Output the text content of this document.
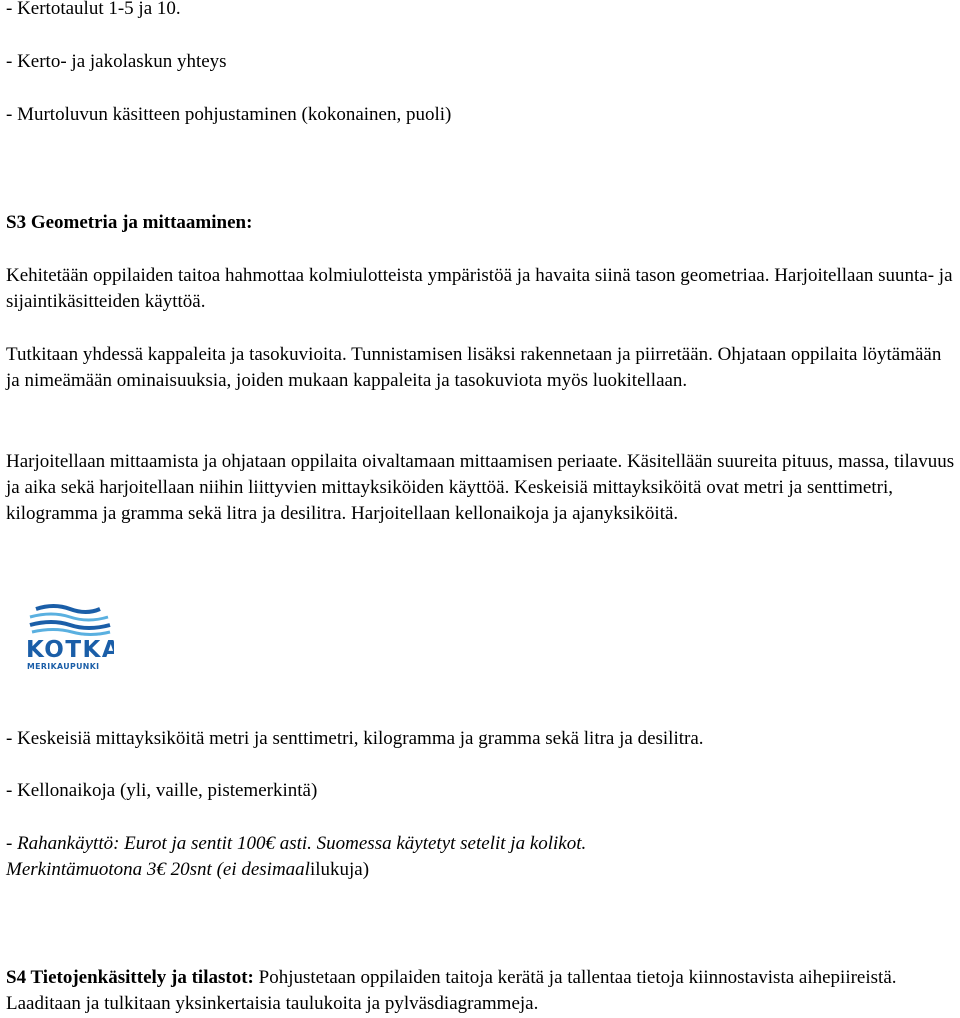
- Kertotaulut 1-5 ja 10.
- Kerto- ja jakolaskun yhteys
- Murtoluvun käsitteen pohjustaminen (kokonainen, puoli)
S3 Geometria ja mittaaminen:

Kehitetään oppilaiden taitoa hahmottaa kolmiulotteista ympäristöä ja havaita siinä tason geometriaa. Harjoitellaan suunta- ja sijaintikäsitteiden käyttöä.

Tutkitaan yhdessä kappaleita ja tasokuvioita. Tunnistamisen lisäksi rakennetaan ja piirretään. Ohjataan oppilaita löytämään ja nimeämään ominaisuuksia, joiden mukaan kappaleita ja tasokuviota myös luokitellaan.

Harjoitellaan mittaamista ja ohjataan oppilaita oivaltamaan mittaamisen periaate. Käsitellään suureita pituus, massa, tilavuus ja aika sekä harjoitellaan niihin liittyvien mittayksiköiden käyttöä. Keskeisiä mittayksiköitä ovat metri ja senttimetri, kilogramma ja gramma sekä litra ja desilitra. Harjoitellaan kellonaikoja ja ajanyksiköitä.

KOTKA
MERIKAUPUNKI
- Keskeisiä mittayksiköitä metri ja senttimetri, kilogramma ja gramma sekä litra ja desilitra.
- Kellonaikoja (yli, vaille, pistemerkintä)
- Rahankäyttö: Eurot ja sentit 100€ asti. Suomessa käytetyt setelit ja kolikot.
Merkintämuotona 3€ 20snt (ei desimaalilukuja)

S4 Tietojenkäsittely ja tilastot: Pohjustetaan oppilaiden taitoja kerätä ja tallentaa tietoja kiinnostavista aihepiireistä. Laaditaan ja tulkitaan yksinkertaisia taulukoita ja pylväsdiagrammeja.
